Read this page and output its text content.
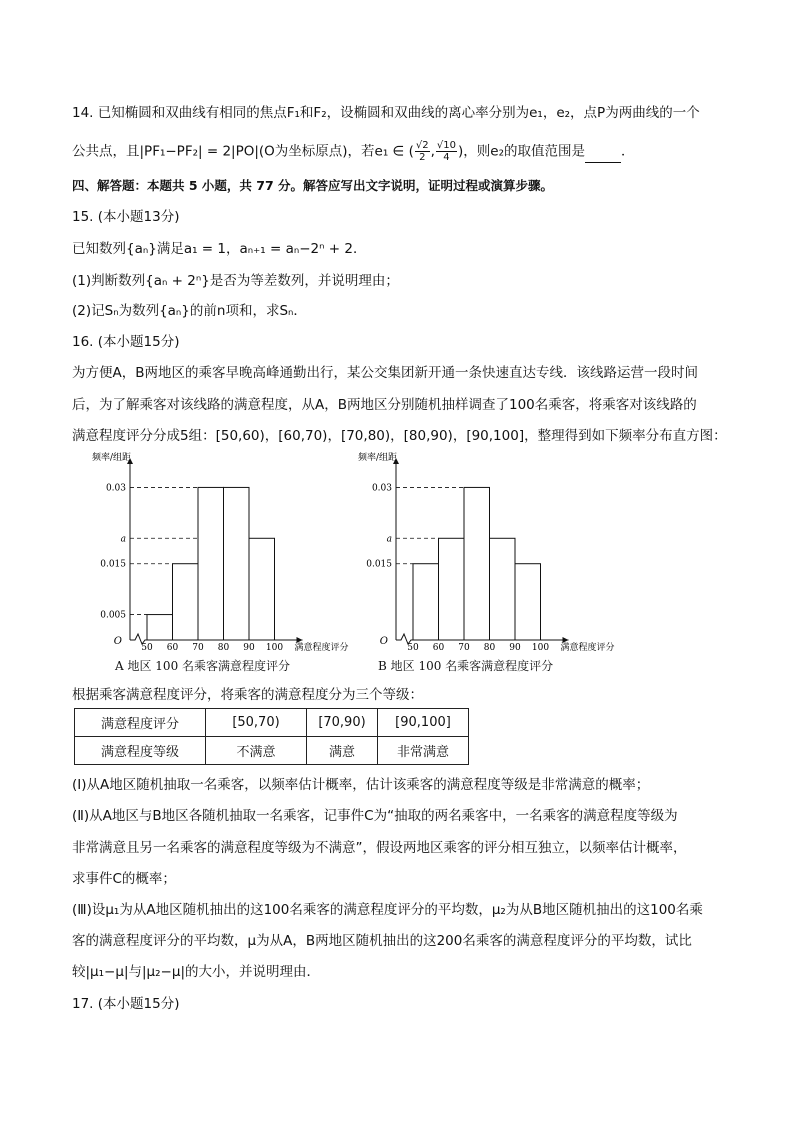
14. 已知椭圆和双曲线有相同的焦点F₁和F₂，设椭圆和双曲线的离心率分别为e₁，e₂，点P为两曲线的一个
公共点，且|PF₁−PF₂| = 2|PO|(O为坐标原点)，若e₁ ∈ ( $\frac{√2}{2}$ , $\frac{√10}{4}$ )，则e₂的取值范围是	．
四、解答题：本题共 5 小题，共 77 分。解答应写出文字说明，证明过程或演算步骤。
15. (本小题13分)
已知数列{aₙ}满足a₁ = 1，aₙ₊₁ = aₙ−2ⁿ + 2．
(1)判断数列{aₙ + 2ⁿ}是否为等差数列，并说明理由；
(2)记Sₙ为数列{aₙ}的前n项和，求Sₙ．
16. (本小题15分)
为方便A，B两地区的乘客早晚高峰通勤出行，某公交集团新开通一条快速直达专线．该线路运营一段时间
后，为了解乘客对该线路的满意程度，从A，B两地区分别随机抽样调查了100名乘客，将乘客对该线路的
满意程度评分分成5组：[50,60)，[60,70)，[70,80)，[80,90)，[90,100]，整理得到如下频率分布直方图：
O
频率/组距
满意程度评分
0.005
0.015
a
0.03
50 60 70 80 90 100
O
频率/组距
满意程度评分
0.015
a
0.03
50 60 70 80 90 100
A 地区 100 名乘客满意程度评分	B 地区 100 名乘客满意程度评分
根据乘客满意程度评分，将乘客的满意程度分为三个等级：
满意程度评分	[50,70)	[70,90)	[90,100]
满意程度等级	不满意	满意	非常满意
(Ⅰ)从A地区随机抽取一名乘客，以频率估计概率，估计该乘客的满意程度等级是非常满意的概率；
(Ⅱ)从A地区与B地区各随机抽取一名乘客，记事件C为“抽取的两名乘客中，一名乘客的满意程度等级为
非常满意且另一名乘客的满意程度等级为不满意”，假设两地区乘客的评分相互独立，以频率估计概率，
求事件C的概率；
(Ⅲ)设μ₁为从A地区随机抽出的这100名乘客的满意程度评分的平均数，μ₂为从B地区随机抽出的这100名乘
客的满意程度评分的平均数，μ为从A，B两地区随机抽出的这200名乘客的满意程度评分的平均数，试比
较|μ₁−μ|与|μ₂−μ|的大小，并说明理由．
17. (本小题15分)
